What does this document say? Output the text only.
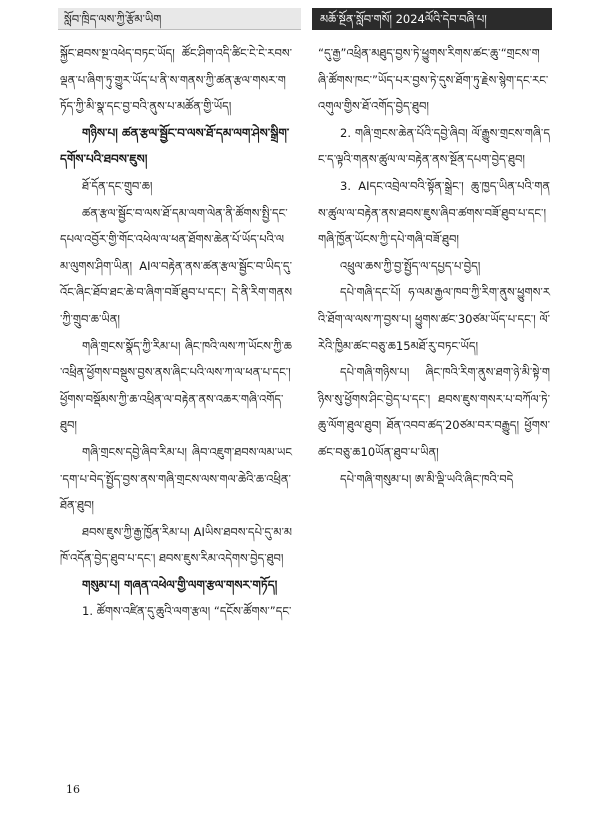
སློབ་ཁྲིད་ལས་ཀྱི་རྩོམ་ཡིག	མཆོ་སྔོན་སློབ་གསོ། 2024ལོའི་དེབ་བཞི་པ།

སྐྱོང་ཐབས་སྔ་འཕེད་བཏང་ཡོད། ཚོང་ཤིག་འདི་ཚིང་ངེ་ངེ་རབས་ལྡན་པ་ཞིག་ཏུ་གྱུར་ཡོད་པ་ནི་ས་གནས་ཀྱི་ཚན་རྩལ་གསར་གཏོད་ཀྱི་མི་སྣ་དང་བྱ་བའི་ནུས་པ་མཚོན་གྱི་ཡོད།

གཉིས་པ། ཚན་རྩལ་སྦྱོང་བ་ལས་ཐོ་དམ་ལག་ཤེས་སྒྲིག་དགོས་པའི་ཐབས་ཇུས།

ཐོ་དོན་དང་གྲུབ་ཆ།

ཚན་རྩལ་སྦྱོང་བ་ལས་ཐོ་དམ་ལག་ལེན་ནི་ཚོགས་སྤྱི་དང་དཔལ་འབྱོར་གྱི་གོང་འཕེལ་ལ་ཕན་ཐོགས་ཆེན་པོ་ཡོད་པའི་ལམ་ལུགས་ཤིག་ཡིན། AIལ་བརྟེན་ནས་ཚན་རྩལ་སྦྱོང་བ་ཡིད་དུ་འོང་ཞིང་ཐོབ་ཐང་ཆེ་བ་ཞིག་བཟོ་ཐུབ་པ་དང་། དེ་ནི་རིག་གནས་ཀྱི་གྲུབ་ཆ་ཡིན།

གཞི་གྲངས་སྣོད་ཀྱི་རིམ་པ། ཞིང་ཁའི་ལས་ཀ་ཡོངས་ཀྱི་ཆ་འཕྲིན་ཕྱོགས་བསྡུས་བྱས་ནས་ཞིང་པའི་ལས་ཀ་ལ་ཕན་པ་དང་། ཕྱོགས་བསྡོམས་ཀྱི་ཆ་འཕྲིན་ལ་བརྟེན་ནས་འཆར་གཞི་འགོད་ཐུབ།

གཞི་གྲངས་དབྱེ་ཞིབ་རིམ་པ། ཞིབ་འཇུག་ཐབས་ལམ་ཡང་དག་པ་བེད་སྤྱོད་བྱས་ནས་གཞི་གྲངས་ལས་གལ་ཆེའི་ཆ་འཕྲིན་ཐོན་ཐུབ།

ཐབས་ཇུས་ཀྱི་རྒྱ་ཁྱོན་རིམ་པ། AIཡིས་ཐབས་དཔེ་དུ་མ་མཁོ་འདོན་བྱེད་ཐུབ་པ་དང་། ཐབས་ཇུས་རིམ་འདེགས་བྱེད་ཐུབ།

གསུམ་པ། གཞན་འཕེལ་གྱི་ལག་རྩལ་གསར་གཏོད།

1. ཚོགས་འཛིན་དུ་ཆུའི་ལག་རྩལ། “དངོས་ཚོགས་”དང་

“དུ་རྒྱ”འཕྲིན་མཐུད་བྱས་ཏེ་ཕྱུགས་རིགས་ཚང་ཆུ་“གྲངས་གཞི་ཚོགས་ཁང་”ཡོད་པར་བྱས་ཏེ་དུས་ཐོག་ཏུ་རྗེས་སྙེག་དང་རང་འགུལ་གྱིས་ཐོ་འགོད་བྱེད་ཐུབ།

2. གཞི་གྲངས་ཆེན་པོའི་དབྱེ་ཞིབ། ལོ་རྒྱུས་གྲངས་གཞི་དང་ད་ལྟའི་གནས་ཚུལ་ལ་བརྟེན་ནས་སྔོན་དཔག་བྱེད་ཐུབ།

3. AIདང་འབྲེལ་བའི་སྟོན་སྒྲེང་། ཆུ་ཁྱད་ཡིན་པའི་གནས་ཚུལ་ལ་བརྟེན་ནས་ཐབས་ཇུས་ཞིབ་ཚགས་བཟོ་ཐུབ་པ་དང་། གཞི་ཁྱོན་ཡོངས་ཀྱི་དཔེ་གཞི་བཟོ་ཐུབ།

འཕྲུལ་ཆས་ཀྱི་བྱ་སྤྱོད་ལ་དཔྱད་པ་བྱེད།

དཔེ་གཞི་དང་པོ། ཧ་ལམ་རྒྱལ་ཁབ་ཀྱི་རིག་ནུས་ཕྱུགས་རའི་ཐོག་ལ་ལས་ཀ་བྱས་པ། ཕྱུགས་ཚང་30ཙམ་ཡོད་པ་དང་། ལོ་རེའི་ཁྱིམ་ཚང་བཅུ་ཆ15མཐོ་རུ་བཏང་ཡོད།

དཔེ་གཞི་གཉིས་པ། ཞིང་ཁའི་རིག་ནུས་ཐག་ཉེ་མི་སྟེ་གཉིས་སུ་ཕྱོགས་ཤིང་བྱེད་པ་དང་། ཐབས་ཇུས་གསར་པ་བཀོལ་ཏེ་ཆུ་ལོག་ཐུལ་ཐུབ། ཐོན་འབབ་ཚད་20ཙམ་བར་བརྒྱུད། ཕྱོགས་ཚང་བཅུ་ཆ10ཡོན་ཐུབ་པ་ཡིན།

དཔེ་གཞི་གསུམ་པ། ཨ་མི་ལྡི་ཡའི་ཞིང་ཁའི་བདེ

16
